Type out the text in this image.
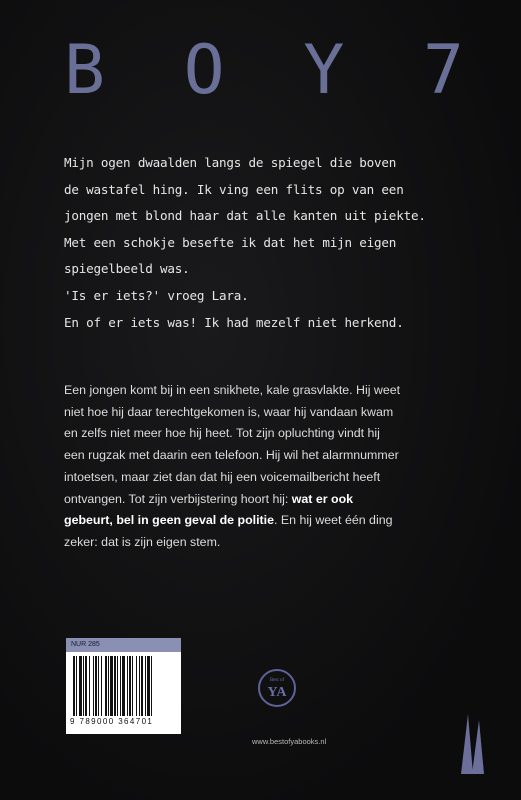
B O Y 7
Mijn ogen dwaalden langs de spiegel die boven
de wastafel hing. Ik ving een flits op van een
jongen met blond haar dat alle kanten uit piekte.
Met een schokje besefte ik dat het mijn eigen
spiegelbeeld was.
'Is er iets?' vroeg Lara.
En of er iets was! Ik had mezelf niet herkend.
Een jongen komt bij in een snikhete, kale grasvlakte. Hij weet
niet hoe hij daar terechtgekomen is, waar hij vandaan kwam
en zelfs niet meer hoe hij heet. Tot zijn opluchting vindt hij
een rugzak met daarin een telefoon. Hij wil het alarmnummer
intoetsen, maar ziet dan dat hij een voicemailbericht heeft
ontvangen. Tot zijn verbijstering hoort hij: wat er ook
gebeurt, bel in geen geval de politie. En hij weet één ding
zeker: dat is zijn eigen stem.
NUR 285
9 789000 364701
Best of
YA
www.bestofyabooks.nl
